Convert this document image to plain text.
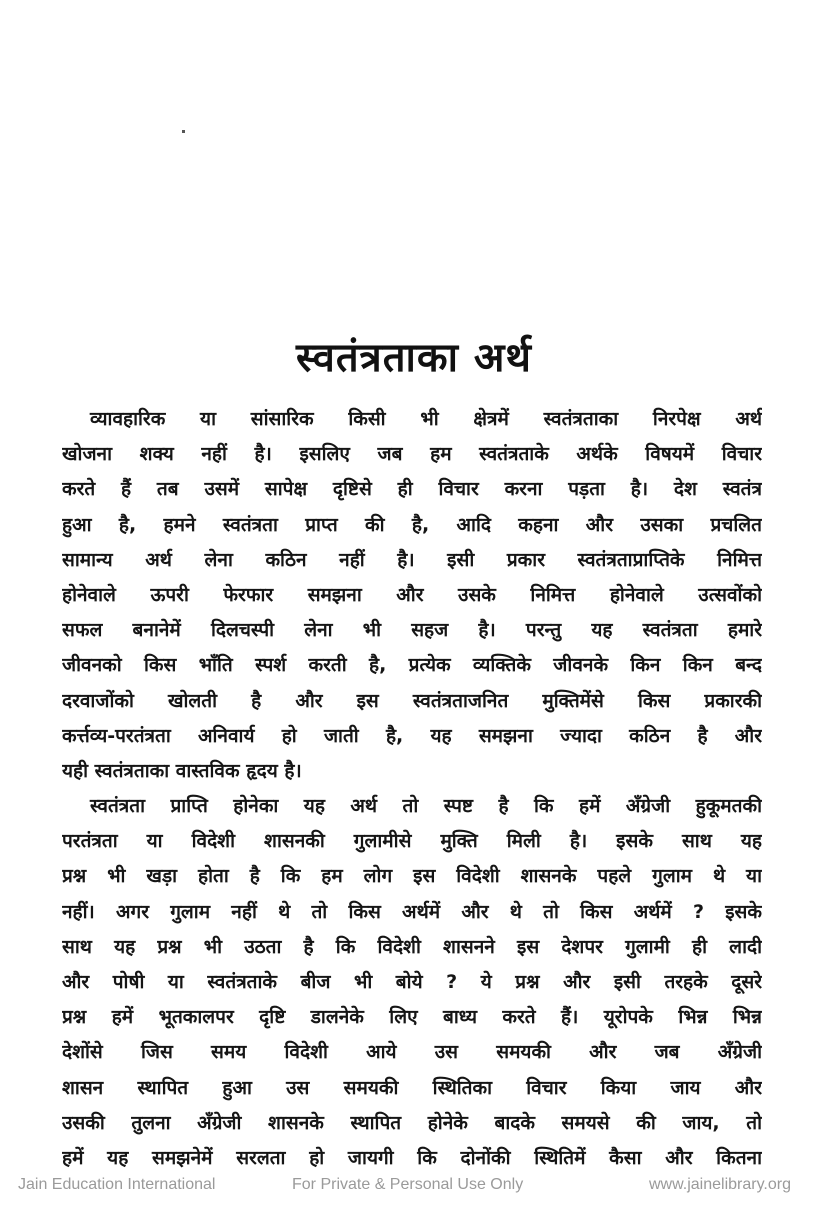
स्वतंत्रताका अर्थ
व्यावहारिक या सांसारिक किसी भी क्षेत्रमें स्वतंत्रताका निरपेक्ष अर्थ
खोजना शक्य नहीं है। इसलिए जब हम स्वतंत्रताके अर्थके विषयमें विचार
करते हैं तब उसमें सापेक्ष दृष्टिसे ही विचार करना पड़ता है। देश स्वतंत्र
हुआ है, हमने स्वतंत्रता प्राप्त की है, आदि कहना और उसका प्रचलित
सामान्य अर्थ लेना कठिन नहीं है। इसी प्रकार स्वतंत्रताप्राप्तिके निमित्त
होनेवाले ऊपरी फेरफार समझना और उसके निमित्त होनेवाले उत्सवोंको
सफल बनानेमें दिलचस्पी लेना भी सहज है। परन्तु यह स्वतंत्रता हमारे
जीवनको किस भाँति स्पर्श करती है, प्रत्येक व्यक्तिके जीवनके किन किन बन्द
दरवाजोंको खोलती है और इस स्वतंत्रताजनित मुक्तिमेंसे किस प्रकारकी
कर्त्तव्य-परतंत्रता अनिवार्य हो जाती है, यह समझना ज्यादा कठिन है और
यही स्वतंत्रताका वास्तविक हृदय है।
स्वतंत्रता प्राप्ति होनेका यह अर्थ तो स्पष्ट है कि हमें अँग्रेजी हुकूमतकी
परतंत्रता या विदेशी शासनकी गुलामीसे मुक्ति मिली है। इसके साथ यह
प्रश्न भी खड़ा होता है कि हम लोग इस विदेशी शासनके पहले गुलाम थे या
नहीं। अगर गुलाम नहीं थे तो किस अर्थमें और थे तो किस अर्थमें ? इसके
साथ यह प्रश्न भी उठता है कि विदेशी शासनने इस देशपर गुलामी ही लादी
और पोषी या स्वतंत्रताके बीज भी बोये ? ये प्रश्न और इसी तरहके दूसरे
प्रश्न हमें भूतकालपर दृष्टि डालनेके लिए बाध्य करते हैं। यूरोपके भिन्न भिन्न
देशोंसे जिस समय विदेशी आये उस समयकी और जब अँग्रेजी
शासन स्थापित हुआ उस समयकी स्थितिका विचार किया जाय और
उसकी तुलना अँग्रेजी शासनके स्थापित होनेके बादके समयसे की जाय, तो
हमें यह समझनेमें सरलता हो जायगी कि दोनोंकी स्थितिमें कैसा और कितना
Jain Education International	For Private & Personal Use Only	www.jainelibrary.org
